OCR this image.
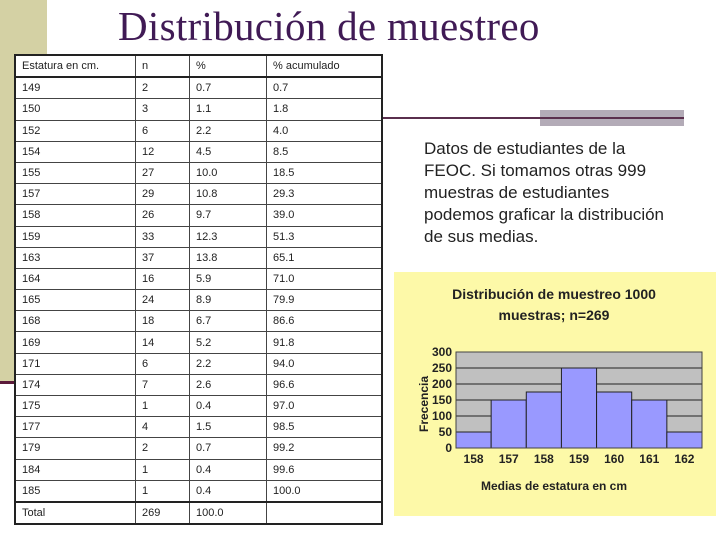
Distribución de muestreo
Estatura en cm.	n	%	% acumulado
149	2	0.7	0.7
150	3	1.1	1.8
152	6	2.2	4.0
154	12	4.5	8.5
155	27	10.0	18.5
157	29	10.8	29.3
158	26	9.7	39.0
159	33	12.3	51.3
163	37	13.8	65.1
164	16	5.9	71.0
165	24	8.9	79.9
168	18	6.7	86.6
169	14	5.2	91.8
171	6	2.2	94.0
174	7	2.6	96.6
175	1	0.4	97.0
177	4	1.5	98.5
179	2	0.7	99.2
184	1	0.4	99.6
185	1	0.4	100.0
Total	269	100.0	

Datos de estudiantes de la FEOC. Si tomamos otras 999 muestras de estudiantes podemos graficar la distribución de sus medias.

Distribución de muestreo 1000
muestras; n=269
0
50
100
150
200
250
300
158 157 158 159 160 161 162
Medias de estatura en cm
Frecencia
